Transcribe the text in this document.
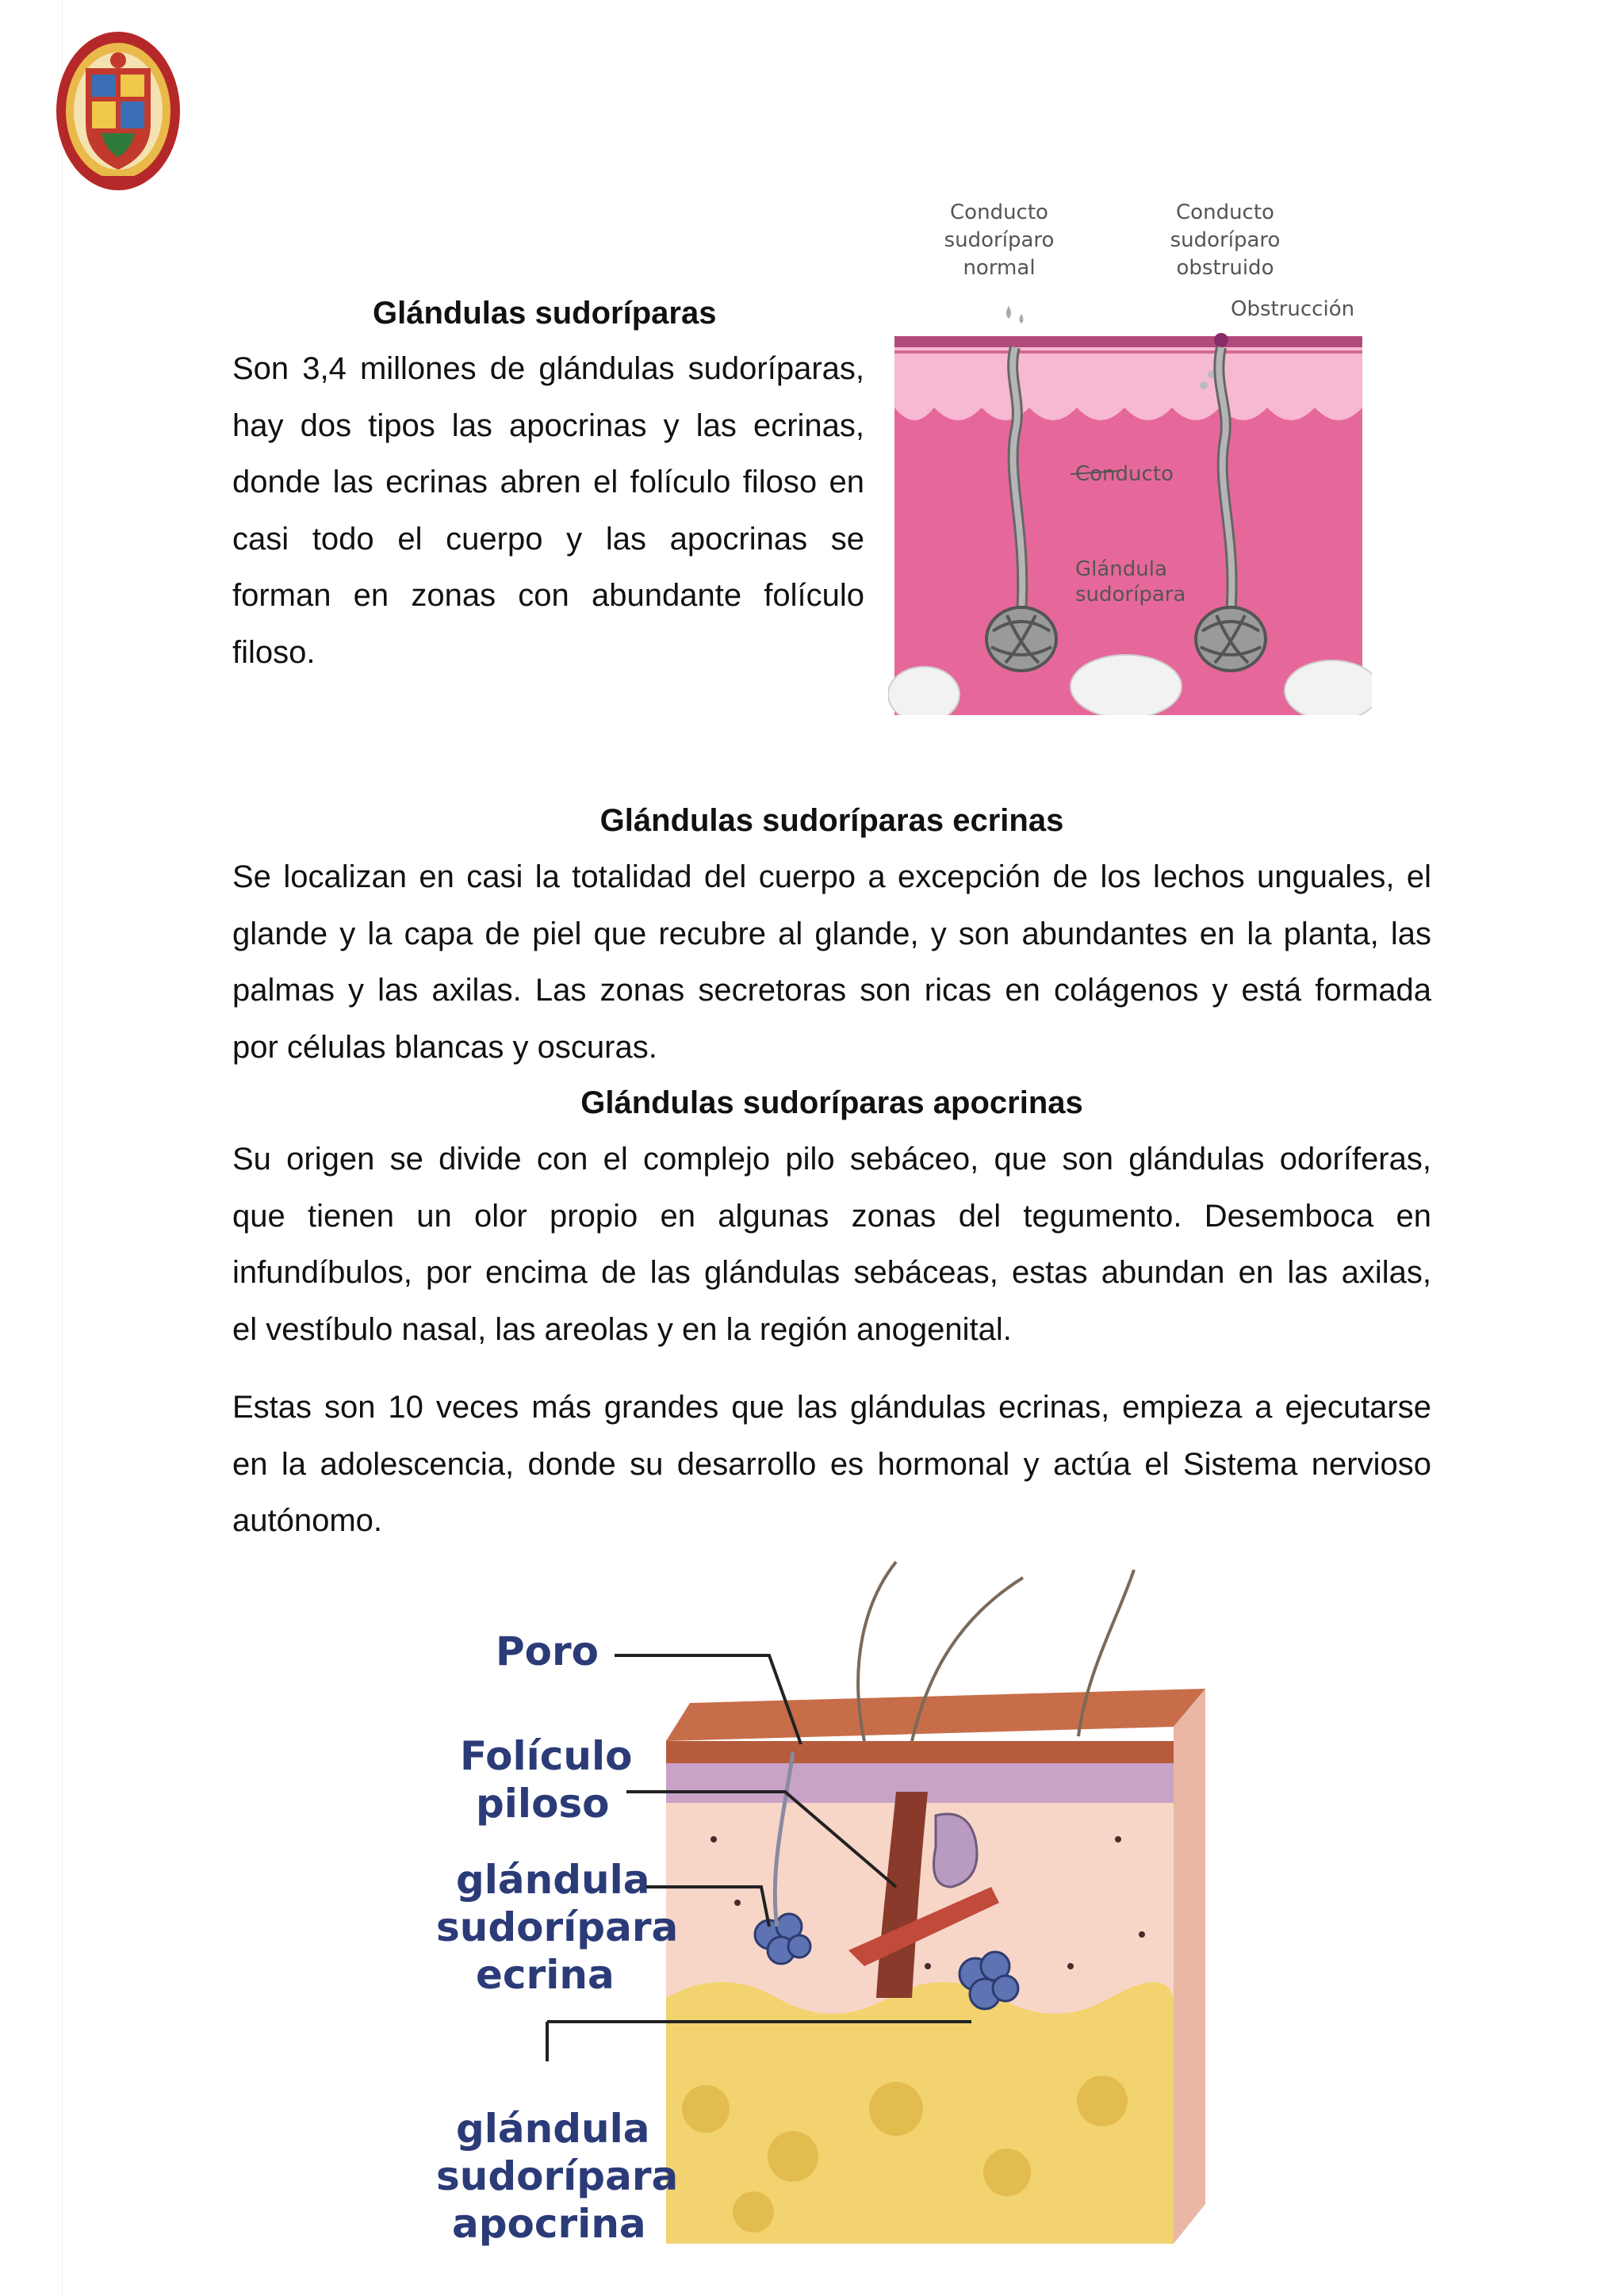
Glándulas sudoríparas
Son 3,4 millones de glándulas sudoríparas,
hay dos tipos las apocrinas y las ecrinas,
donde las ecrinas abren el folículo filoso en
casi todo el cuerpo y las apocrinas se
forman en zonas con abundante folículo
filoso.
Conducto
sudoríparo
normal
Conducto
sudoríparo
obstruido
Obstrucción
Conducto
Glándula
sudorípara
Glándulas sudoríparas ecrinas
Se localizan en casi la totalidad del cuerpo a excepción de los lechos unguales, el
glande y la capa de piel que recubre al glande, y son abundantes en la planta, las
palmas y las axilas. Las zonas secretoras son ricas en colágenos y está formada
por células blancas y oscuras.
Glándulas sudoríparas apocrinas
Su origen se divide con el complejo pilo sebáceo, que son glándulas odoríferas,
que tienen un olor propio en algunas zonas del tegumento. Desemboca en
infundíbulos, por encima de las glándulas sebáceas, estas abundan en las axilas,
el vestíbulo nasal, las areolas y en la región anogenital.
Estas son 10 veces más grandes que las glándulas ecrinas, empieza a ejecutarse
en la adolescencia, donde su desarrollo es hormonal y actúa el Sistema nervioso
autónomo.
Poro
Folículo
piloso
glándula
sudorípara
ecrina
glándula
sudorípara
apocrina
